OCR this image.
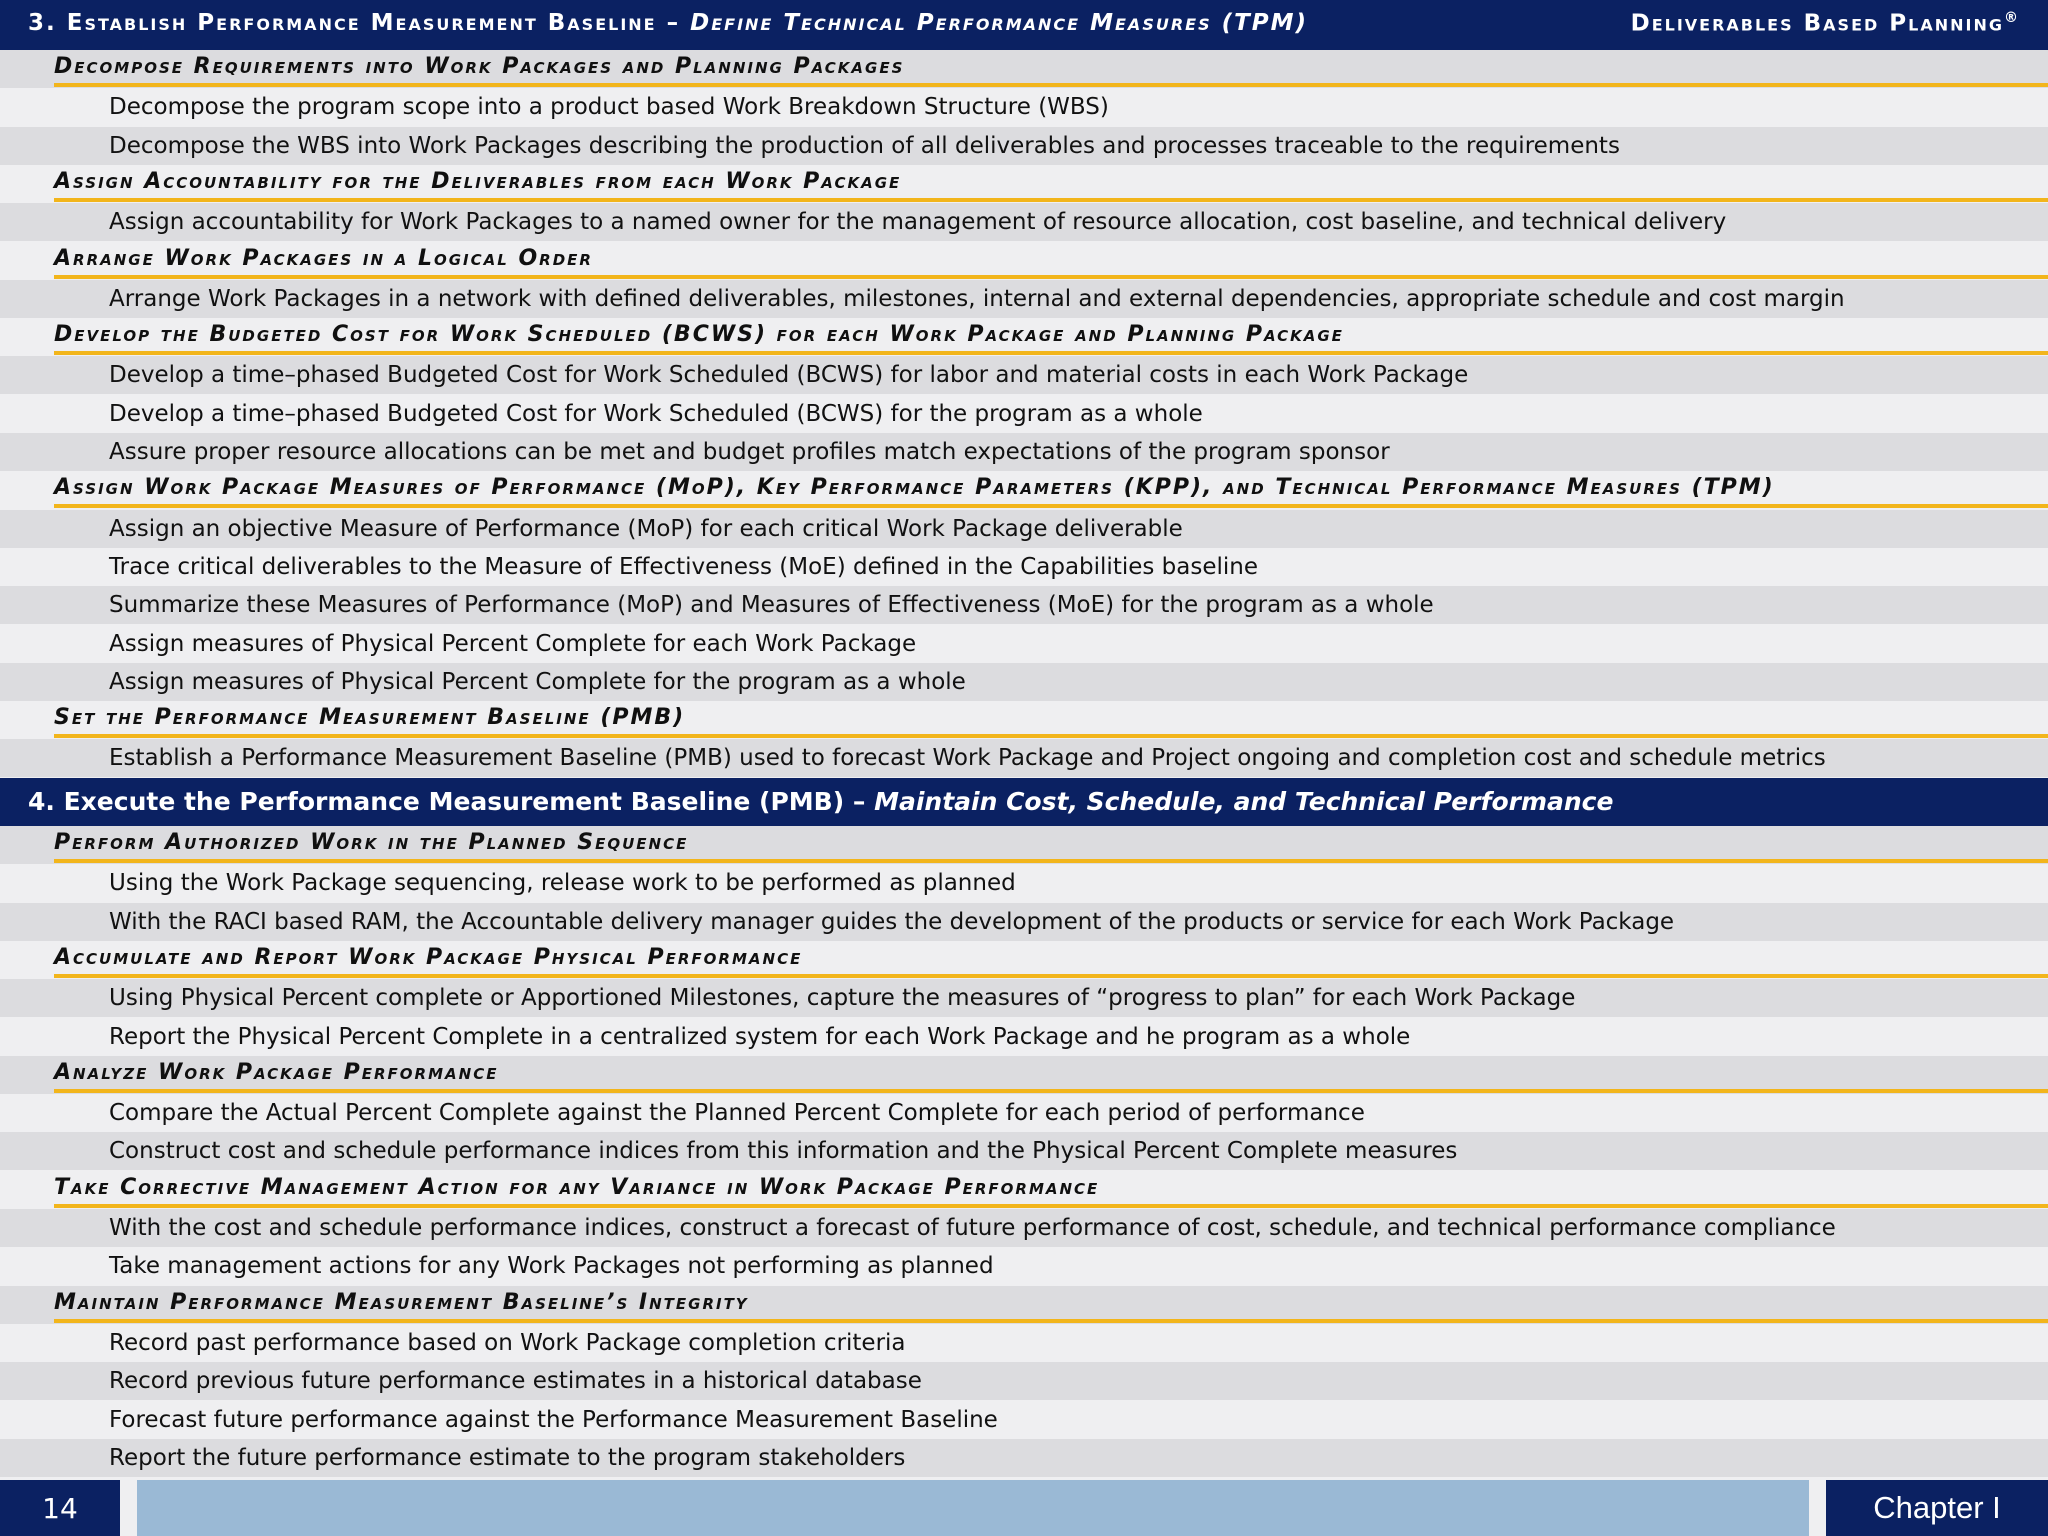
3. Establish Performance Measurement Baseline – Define Technical Performance Measures (TPM)	Deliverables Based Planning®
Decompose Requirements into Work Packages and Planning Packages
Decompose the program scope into a product based Work Breakdown Structure (WBS)
Decompose the WBS into Work Packages describing the production of all deliverables and processes traceable to the requirements
Assign Accountability for the Deliverables from each Work Package
Assign accountability for Work Packages to a named owner for the management of resource allocation, cost baseline, and technical delivery
Arrange Work Packages in a Logical Order
Arrange Work Packages in a network with defined deliverables, milestones, internal and external dependencies, appropriate schedule and cost margin
Develop the Budgeted Cost for Work Scheduled (BCWS) for each Work Package and Planning Package
Develop a time–phased Budgeted Cost for Work Scheduled (BCWS) for labor and material costs in each Work Package
Develop a time–phased Budgeted Cost for Work Scheduled (BCWS) for the program as a whole
Assure proper resource allocations can be met and budget profiles match expectations of the program sponsor
Assign Work Package Measures of Performance (MoP), Key Performance Parameters (KPP), and Technical Performance Measures (TPM)
Assign an objective Measure of Performance (MoP) for each critical Work Package deliverable
Trace critical deliverables to the Measure of Effectiveness (MoE) defined in the Capabilities baseline
Summarize these Measures of Performance (MoP) and Measures of Effectiveness (MoE) for the program as a whole
Assign measures of Physical Percent Complete for each Work Package
Assign measures of Physical Percent Complete for the program as a whole
Set the Performance Measurement Baseline (PMB)
Establish a Performance Measurement Baseline (PMB) used to forecast Work Package and Project ongoing and completion cost and schedule metrics
4. Execute the Performance Measurement Baseline (PMB) – Maintain Cost, Schedule, and Technical Performance
Perform Authorized Work in the Planned Sequence
Using the Work Package sequencing, release work to be performed as planned
With the RACI based RAM, the Accountable delivery manager guides the development of the products or service for each Work Package
Accumulate and Report Work Package Physical Performance
Using Physical Percent complete or Apportioned Milestones, capture the measures of “progress to plan” for each Work Package
Report the Physical Percent Complete in a centralized system for each Work Package and he program as a whole
Analyze Work Package Performance
Compare the Actual Percent Complete against the Planned Percent Complete for each period of performance
Construct cost and schedule performance indices from this information and the Physical Percent Complete measures
Take Corrective Management Action for any Variance in Work Package Performance
With the cost and schedule performance indices, construct a forecast of future performance of cost, schedule, and technical performance compliance
Take management actions for any Work Packages not performing as planned
Maintain Performance Measurement Baseline’s Integrity
Record past performance based on Work Package completion criteria
Record previous future performance estimates in a historical database
Forecast future performance against the Performance Measurement Baseline
Report the future performance estimate to the program stakeholders
14	Chapter I
